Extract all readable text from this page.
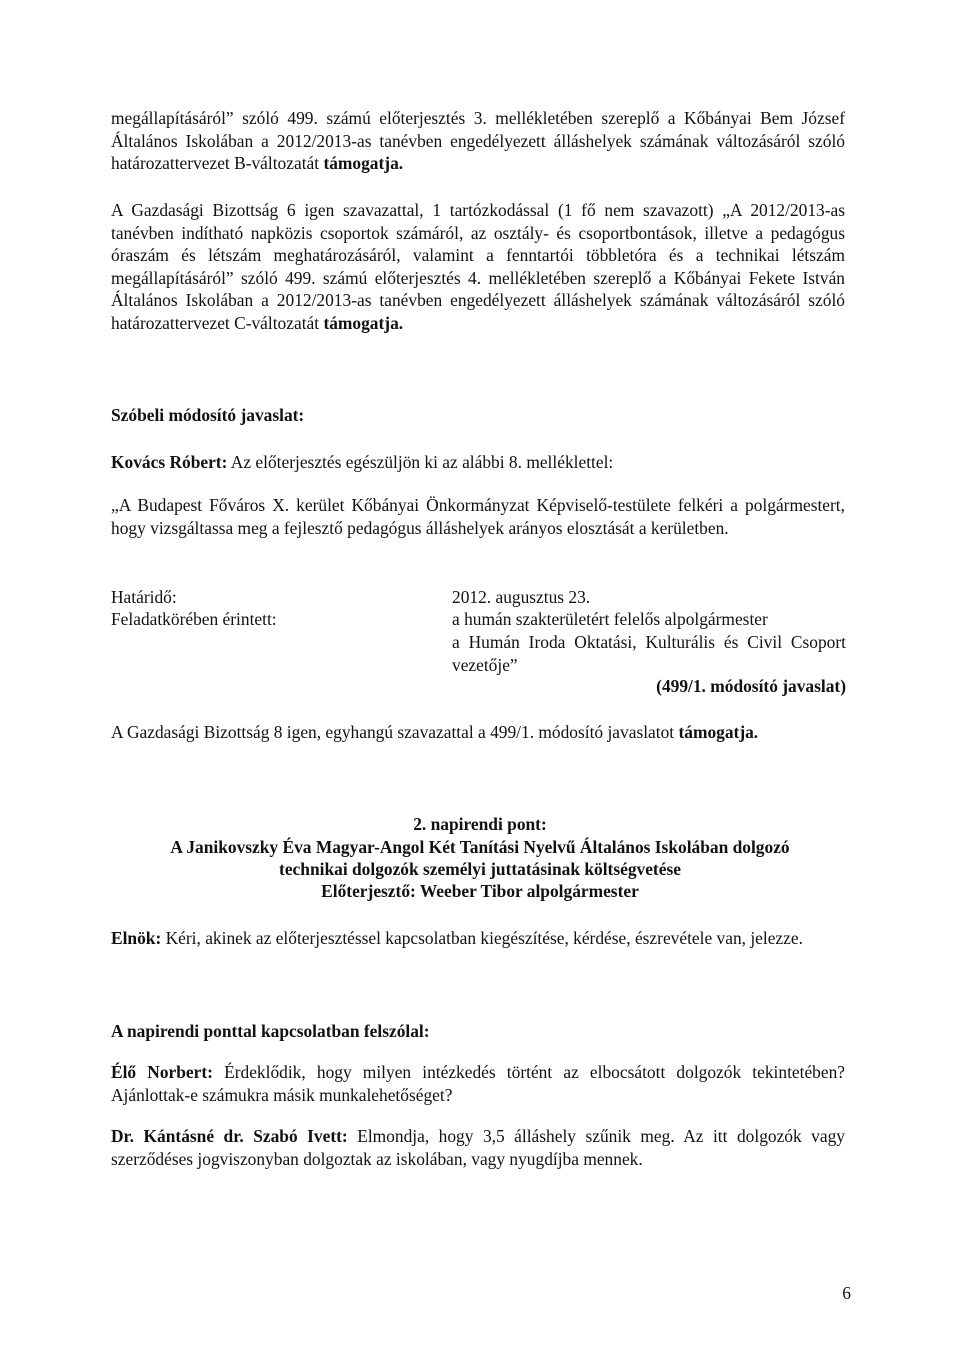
megállapításáról” szóló 499. számú előterjesztés 3. mellékletében szereplő a Kőbányai Bem József Általános Iskolában a 2012/2013-as tanévben engedélyezett álláshelyek számának változásáról szóló határozattervezet B-változatát támogatja.

A Gazdasági Bizottság 6 igen szavazattal, 1 tartózkodással (1 fő nem szavazott) „A 2012/2013-as tanévben indítható napközis csoportok számáról, az osztály- és csoportbontások, illetve a pedagógus óraszám és létszám meghatározásáról, valamint a fenntartói többletóra és a technikai létszám megállapításáról” szóló 499. számú előterjesztés 4. mellékletében szereplő a Kőbányai Fekete István Általános Iskolában a 2012/2013-as tanévben engedélyezett álláshelyek számának változásáról szóló határozattervezet C-változatát támogatja.

Szóbeli módosító javaslat:
Kovács Róbert: Az előterjesztés egészüljön ki az alábbi 8. melléklettel:
„A Budapest Főváros X. kerület Kőbányai Önkormányzat Képviselő-testülete felkéri a polgármestert, hogy vizsgáltassa meg a fejlesztő pedagógus álláshelyek arányos elosztását a kerületben.
Határidő:	2012. augusztus 23.
Feladatkörében érintett:	a humán szakterületért felelős alpolgármester
a Humán Iroda Oktatási, Kulturális és Civil Csoport vezetője”
(499/1. módosító javaslat)
A Gazdasági Bizottság 8 igen, egyhangú szavazattal a 499/1. módosító javaslatot támogatja.
2. napirendi pont:
A Janikovszky Éva Magyar-Angol Két Tanítási Nyelvű Általános Iskolában dolgozó
technikai dolgozók személyi juttatásinak költségvetése
Előterjesztő: Weeber Tibor alpolgármester

Elnök: Kéri, akinek az előterjesztéssel kapcsolatban kiegészítése, kérdése, észrevétele van, jelezze.

A napirendi ponttal kapcsolatban felszólal:

Élő Norbert: Érdeklődik, hogy milyen intézkedés történt az elbocsátott dolgozók tekintetében? Ajánlottak-e számukra másik munkalehetőséget?

Dr. Kántásné dr. Szabó Ivett: Elmondja, hogy 3,5 álláshely szűnik meg. Az itt dolgozók vagy szerződéses jogviszonyban dolgoztak az iskolában, vagy nyugdíjba mennek.

6
